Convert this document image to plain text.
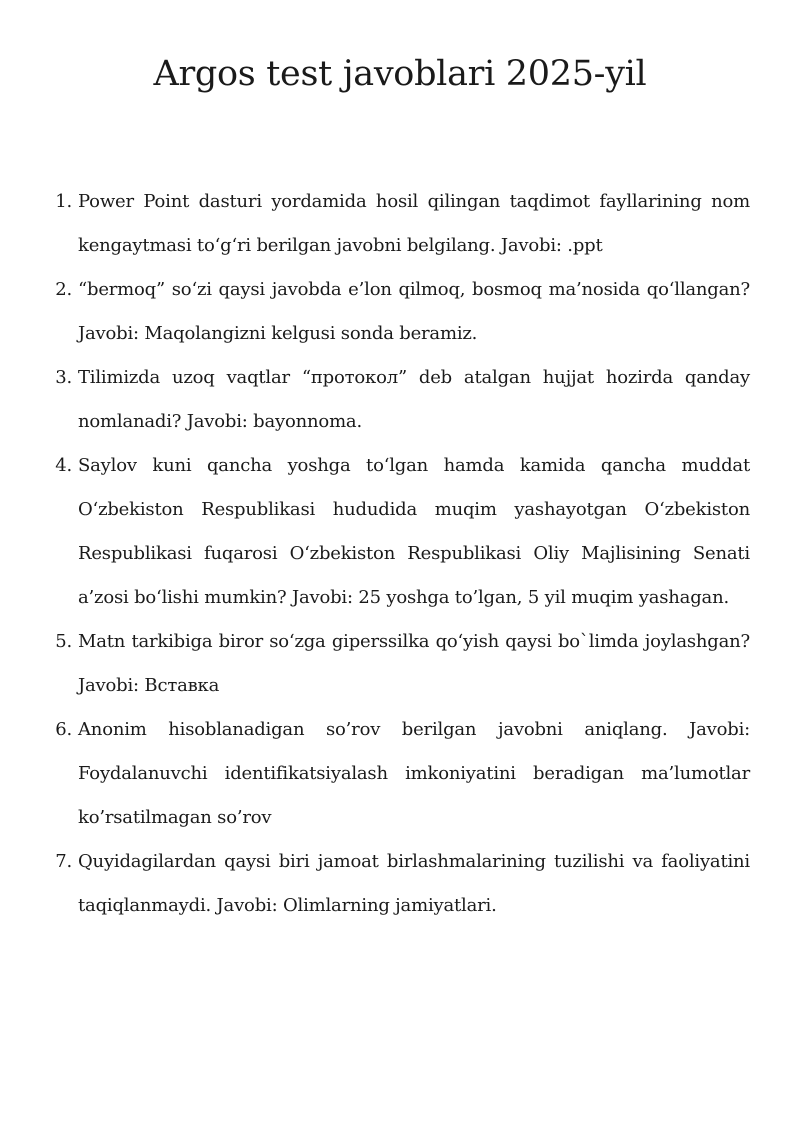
Argos test javoblari 2025-yil
1. Power Point dasturi yordamida hosil qilingan taqdimot fayllarining nom kengaytmasi to‘g‘ri berilgan javobni belgilang. Javobi: .ppt
2. “bermoq” so‘zi qaysi javobda e’lon qilmoq, bosmoq ma’nosida qo‘llangan? Javobi: Maqolangizni kelgusi sonda beramiz.
3. Tilimizda uzoq vaqtlar “протокол” deb atalgan hujjat hozirda qanday nomlanadi? Javobi: bayonnoma.
4. Saylov kuni qancha yoshga to‘lgan hamda kamida qancha muddat O‘zbekiston Respublikasi hududida muqim yashayotgan O‘zbekiston Respublikasi fuqarosi O‘zbekiston Respublikasi Oliy Majlisining Senati a’zosi bo‘lishi mumkin? Javobi: 25 yoshga to’lgan, 5 yil muqim yashagan.
5. Matn tarkibiga biror so‘zga giperssilka qo‘yish qaysi bo`limda joylashgan? Javobi: Вставка
6. Anonim hisoblanadigan so’rov berilgan javobni aniqlang. Javobi: Foydalanuvchi identifikatsiyalash imkoniyatini beradigan ma’lumotlar ko’rsatilmagan so’rov
7. Quyidagilardan qaysi biri jamoat birlashmalarining tuzilishi va faoliyatini taqiqlanmaydi. Javobi: Olimlarning jamiyatlari.
